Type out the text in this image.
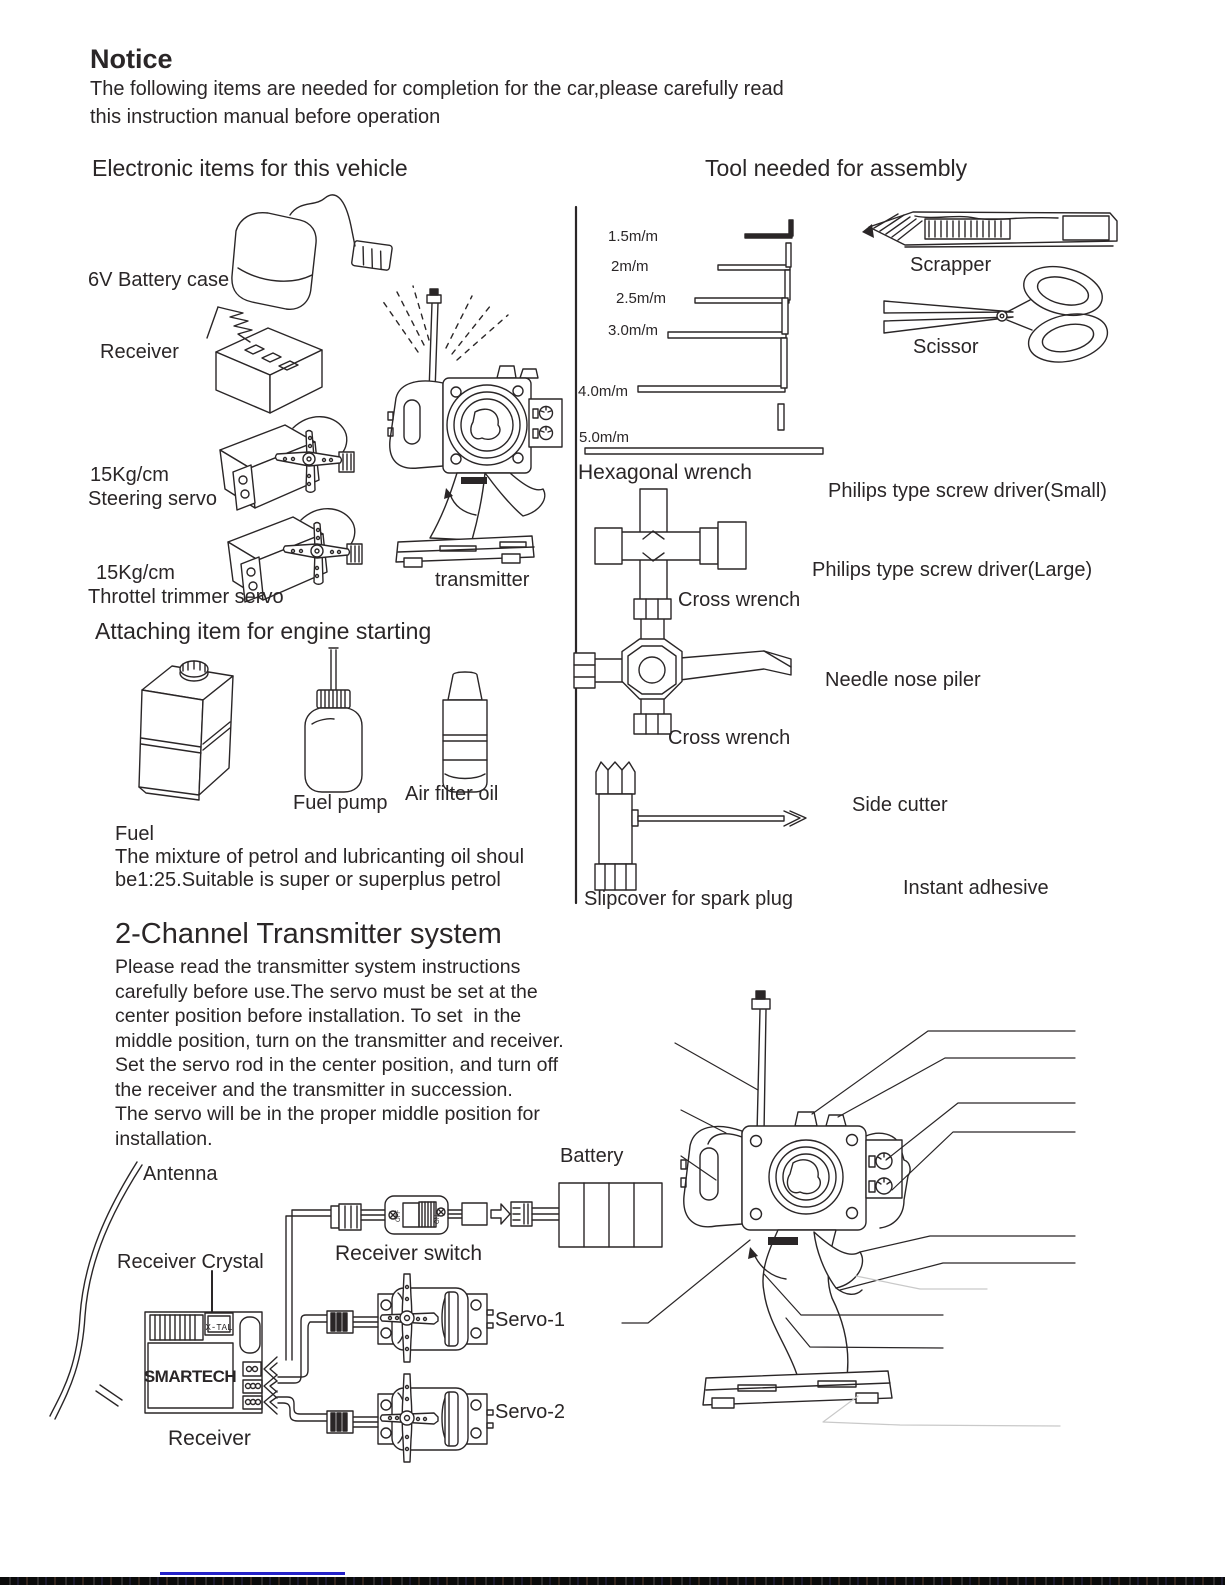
X-TAL
SMARTECH
OFF	ON
Notice
The following items are needed for completion for the car,please carefully read
this instruction manual before operation
Electronic items for this vehicle	Tool needed for assembly
6V Battery case
Receiver
15Kg/cm
Steering servo
15Kg/cm
Throttel trimmer servo
transmitter
1.5m/m
2m/m
2.5m/m
3.0m/m
4.0m/m
5.0m/m
Hexagonal wrench
Scrapper
Scissor
Philips type screw driver(Small)
Philips type screw driver(Large)
Cross wrench
Cross wrench
Needle nose piler
Side cutter
Slipcover for spark plug	Instant adhesive
Attaching item for engine starting
Fuel pump Air filter oil
Fuel
The mixture of petrol and lubricanting oil shoul
be1:25.Suitable is super or superplus petrol
2-Channel Transmitter system
Please read the transmitter system instructions
carefully before use.The servo must be set at the
center position before installation. To set  in the
middle position, turn on the transmitter and receiver.
Set the servo rod in the center position, and turn off
the receiver and the transmitter in succession.
The servo will be in the proper middle position for
installation.
Battery
Antenna
Receiver Crystal	Receiver switch
Servo-1
Servo-2
Receiver
